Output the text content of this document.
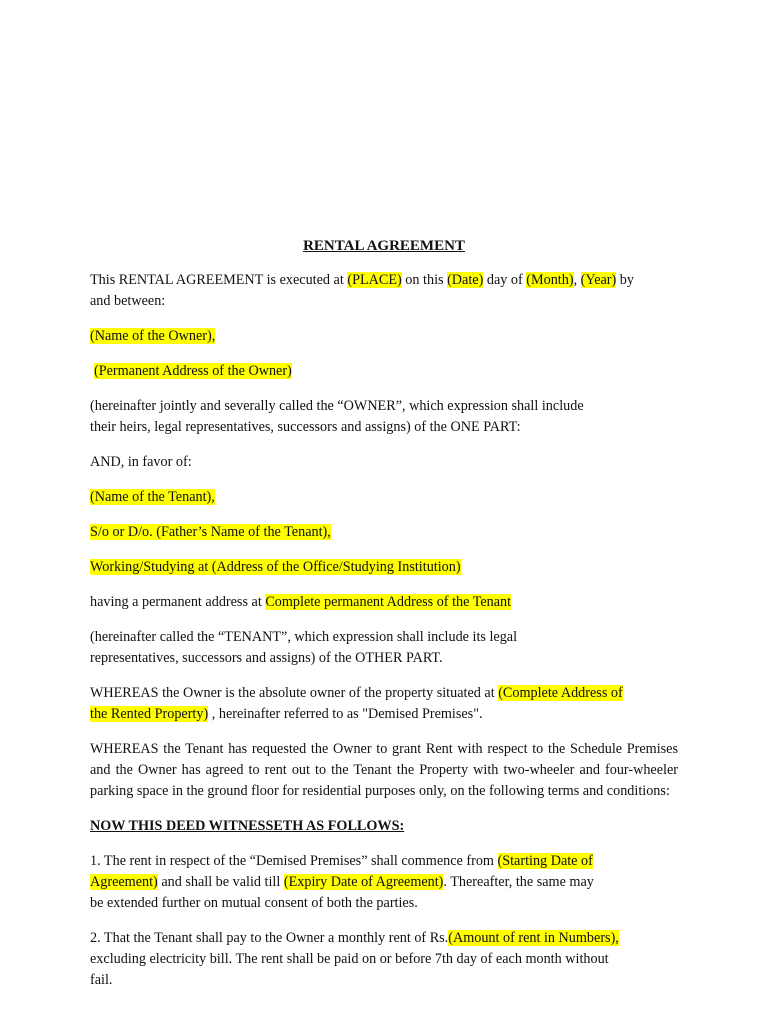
RENTAL AGREEMENT
This RENTAL AGREEMENT is executed at (PLACE) on this (Date) day of (Month), (Year) by
and between:
(Name of the Owner),
(Permanent Address of the Owner)
(hereinafter jointly and severally called the “OWNER”, which expression shall include
their heirs, legal representatives, successors and assigns) of the ONE PART:
AND, in favor of:
(Name of the Tenant),
S/o or D/o. (Father’s Name of the Tenant),
Working/Studying at (Address of the Office/Studying Institution)
having a permanent address at Complete permanent Address of the Tenant
(hereinafter called the “TENANT”, which expression shall include its legal
representatives, successors and assigns) of the OTHER PART.
WHEREAS the Owner is the absolute owner of the property situated at (Complete Address of
the Rented Property) , hereinafter referred to as "Demised Premises".
WHEREAS the Tenant has requested the Owner to grant Rent with respect to the Schedule Premises and the Owner has agreed to rent out to the Tenant the Property with two-wheeler and four-wheeler parking space in the ground floor for residential purposes only, on the following terms and conditions:
NOW THIS DEED WITNESSETH AS FOLLOWS:
1. The rent in respect of the “Demised Premises” shall commence from (Starting Date of
Agreement) and shall be valid till (Expiry Date of Agreement). Thereafter, the same may
be extended further on mutual consent of both the parties.
2. That the Tenant shall pay to the Owner a monthly rent of Rs.(Amount of rent in Numbers),
excluding electricity bill. The rent shall be paid on or before 7th day of each month without
fail.
